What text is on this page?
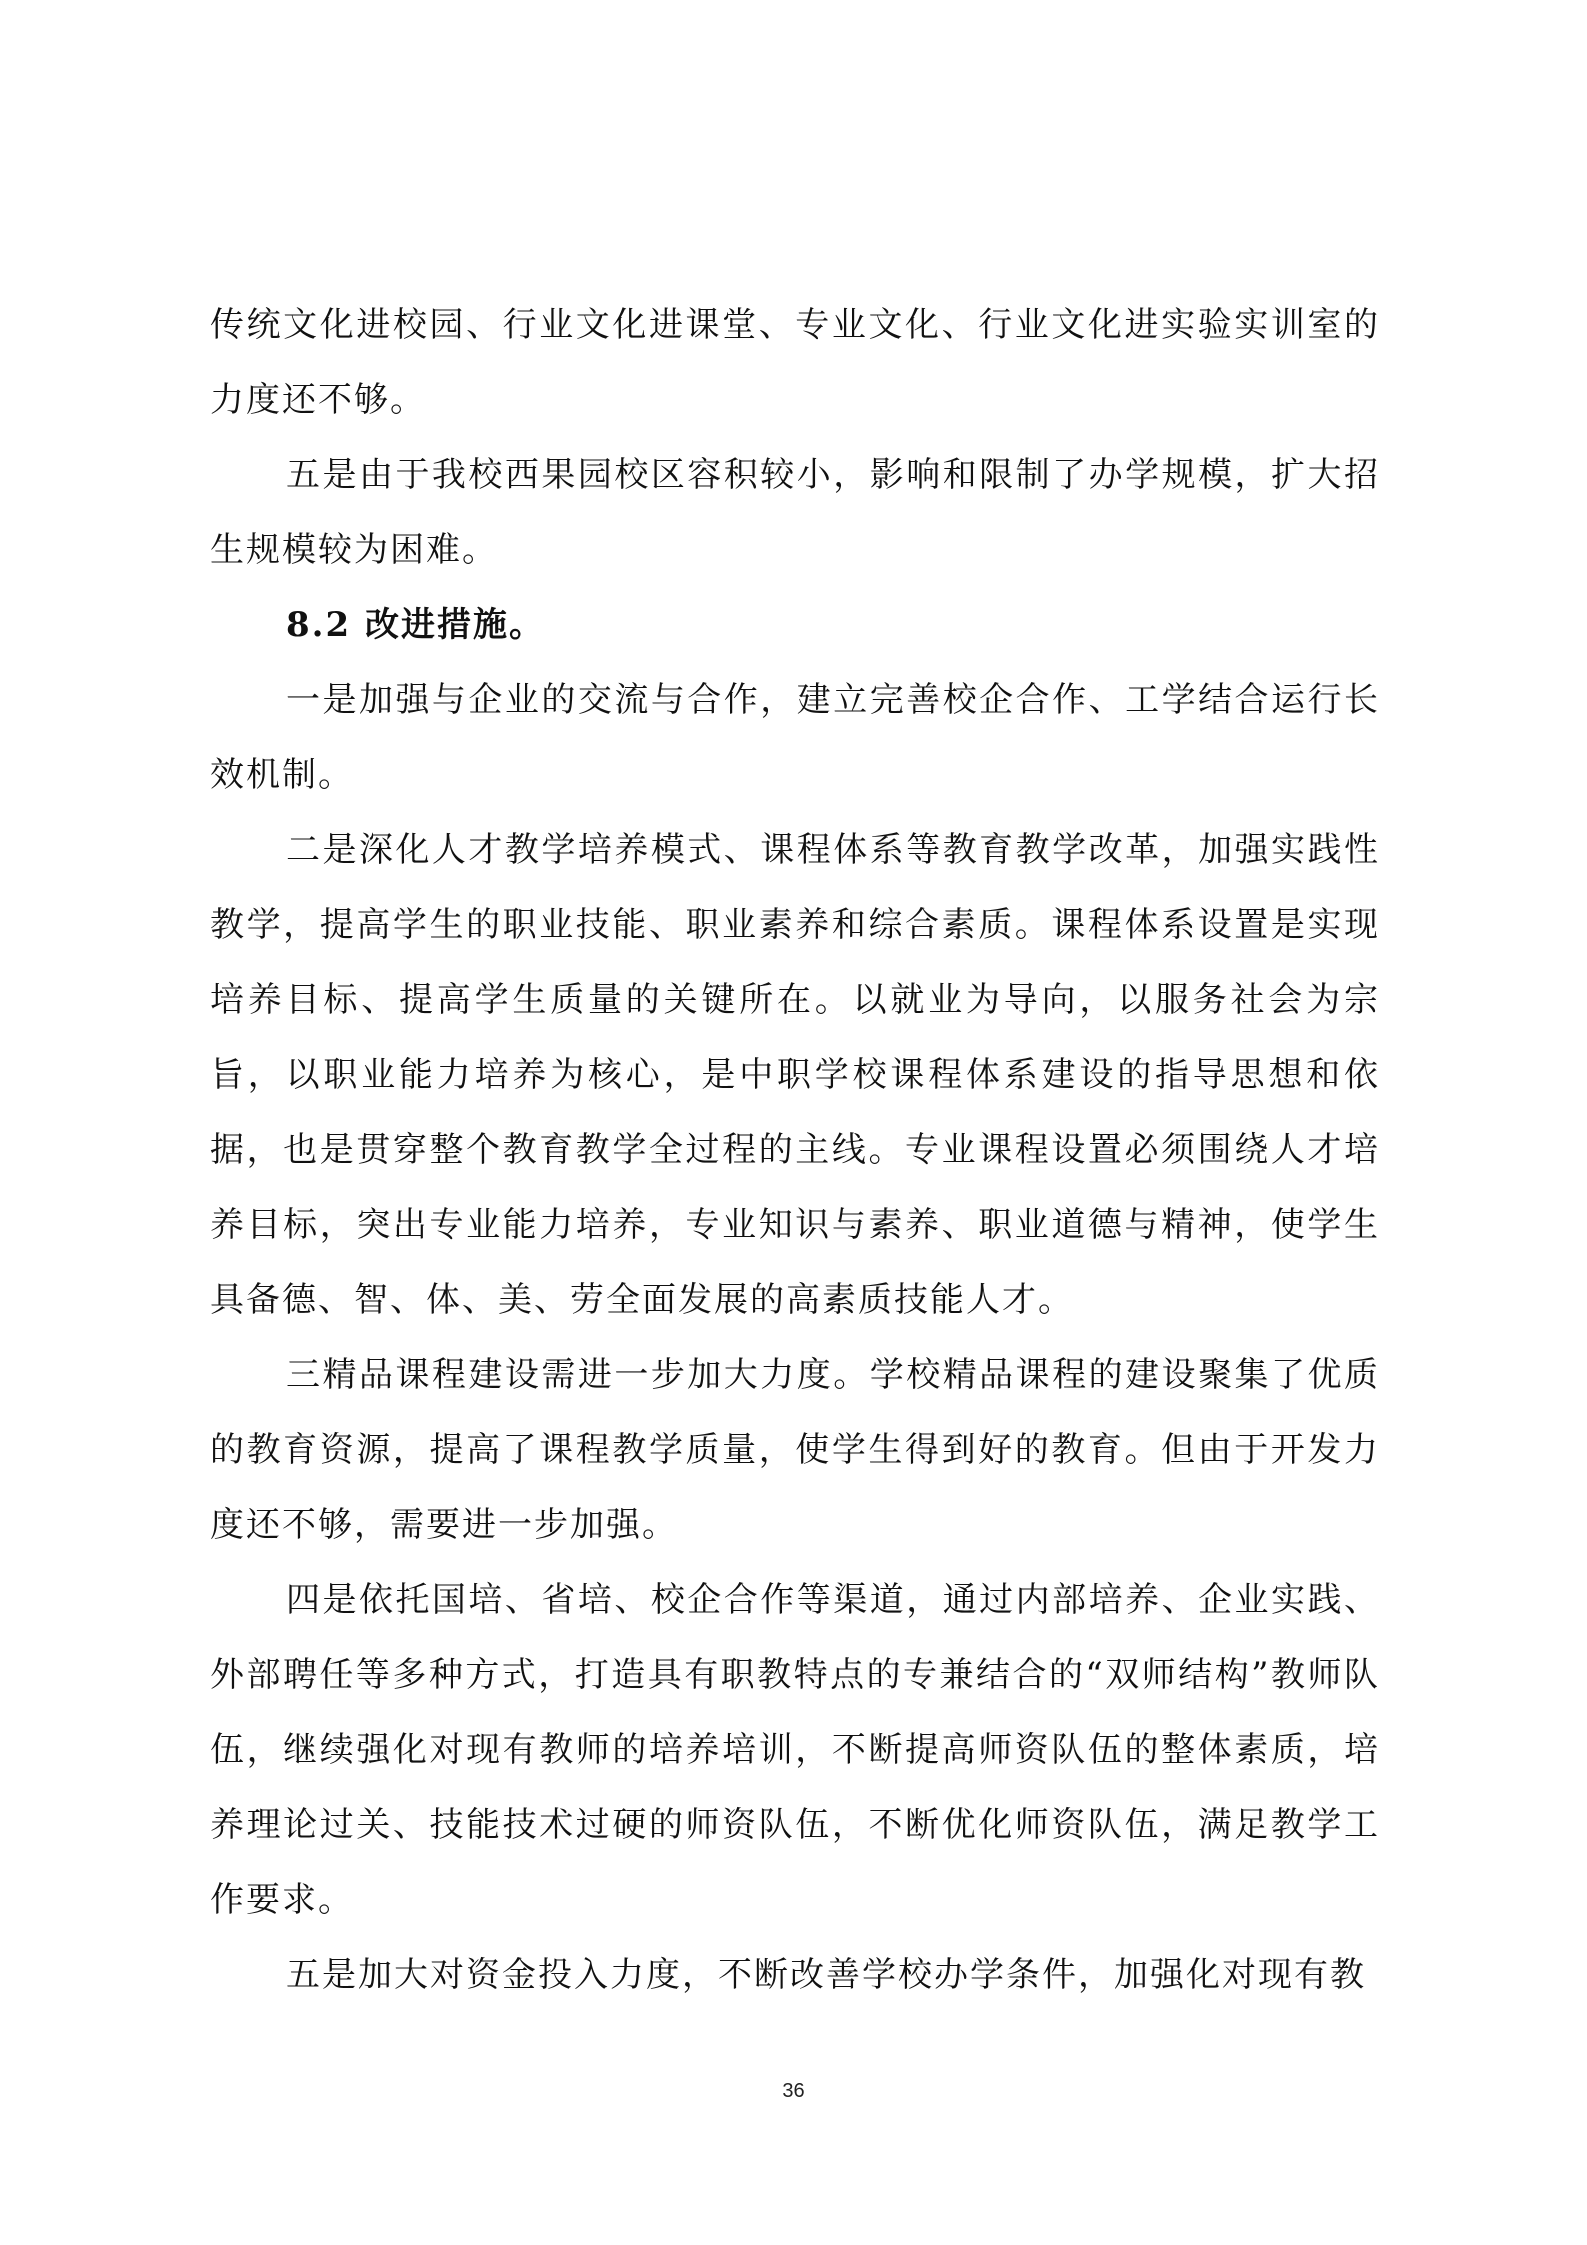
传统文化进校园、行业文化进课堂、专业文化、行业文化进实验实训室的力度还不够。

五是由于我校西果园校区容积较小，影响和限制了办学规模，扩大招生规模较为困难。

8.2 改进措施。

一是加强与企业的交流与合作，建立完善校企合作、工学结合运行长效机制。

二是深化人才教学培养模式、课程体系等教育教学改革，加强实践性教学，提高学生的职业技能、职业素养和综合素质。课程体系设置是实现培养目标、提高学生质量的关键所在。以就业为导向，以服务社会为宗旨，以职业能力培养为核心，是中职学校课程体系建设的指导思想和依据，也是贯穿整个教育教学全过程的主线。专业课程设置必须围绕人才培养目标，突出专业能力培养，专业知识与素养、职业道德与精神，使学生具备德、智、体、美、劳全面发展的高素质技能人才。

三精品课程建设需进一步加大力度。学校精品课程的建设聚集了优质的教育资源，提高了课程教学质量，使学生得到好的教育。但由于开发力度还不够，需要进一步加强。

四是依托国培、省培、校企合作等渠道，通过内部培养、企业实践、外部聘任等多种方式，打造具有职教特点的专兼结合的“双师结构”教师队伍，继续强化对现有教师的培养培训，不断提高师资队伍的整体素质，培养理论过关、技能技术过硬的师资队伍，不断优化师资队伍，满足教学工作要求。

五是加大对资金投入力度，不断改善学校办学条件，加强化对现有教

36
